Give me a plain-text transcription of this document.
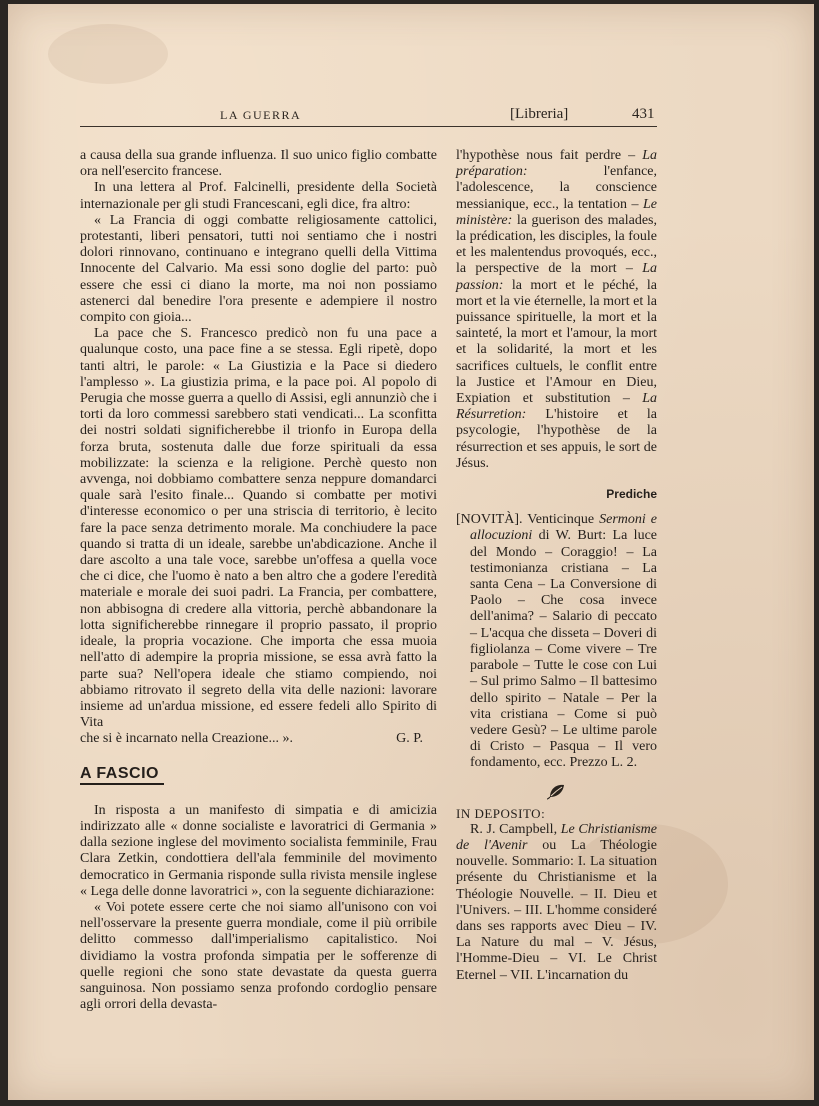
LA GUERRA	[Libreria]	431

a causa della sua grande influenza. Il suo unico figlio combatte ora nell'esercito francese.

In una lettera al Prof. Falcinelli, presidente della Società internazionale per gli studi Francescani, egli dice, fra altro:

« La Francia di oggi combatte religiosamente cattolici, protestanti, liberi pensatori, tutti noi sentiamo che i nostri dolori rinnovano, continuano e integrano quelli della Vittima Innocente del Calvario. Ma essi sono doglie del parto: può essere che essi ci diano la morte, ma noi non possiamo astenerci dal benedire l'ora presente e adempiere il nostro compito con gioia...

La pace che S. Francesco predicò non fu una pace a qualunque costo, una pace fine a se stessa. Egli ripetè, dopo tanti altri, le parole: « La Giustizia e la Pace si diedero l'amplesso ». La giustizia prima, e la pace poi. Al popolo di Perugia che mosse guerra a quello di Assisi, egli annunziò che i torti da loro commessi sarebbero stati vendicati... La sconfitta dei nostri soldati significherebbe il trionfo in Europa della forza bruta, sostenuta dalle due forze spirituali da essa mobilizzate: la scienza e la religione. Perchè questo non avvenga, noi dobbiamo combattere senza neppure domandarci quale sarà l'esito finale... Quando si combatte per motivi d'interesse economico o per una striscia di territorio, è lecito fare la pace senza detrimento morale. Ma conchiudere la pace quando si tratta di un ideale, sarebbe un'abdicazione. Anche il dare ascolto a una tale voce, sarebbe un'offesa a quella voce che ci dice, che l'uomo è nato a ben altro che a godere l'eredità materiale e morale dei suoi padri. La Francia, per combattere, non abbisogna di credere alla vittoria, perchè abbandonare la lotta significherebbe rinnegare il proprio passato, il proprio ideale, la propria vocazione. Che importa che essa muoia nell'atto di adempire la propria missione, se essa avrà fatto la parte sua? Nell'opera ideale che stiamo compiendo, noi abbiamo ritrovato il segreto della vita delle nazioni: lavorare insieme ad un'ardua missione, ed essere fedeli allo Spirito di Vita

che si è incarnato nella Creazione... ».	G. P.

A FASCIO

In risposta a un manifesto di simpatia e di amicizia indirizzato alle « donne socialiste e lavoratrici di Germania » dalla sezione inglese del movimento socialista femminile, Frau Clara Zetkin, condottiera dell'ala femminile del movimento democratico in Germania risponde sulla rivista mensile inglese « Lega delle donne lavoratrici », con la seguente dichiarazione:

« Voi potete essere certe che noi siamo all'unisono con voi nell'osservare la presente guerra mondiale, come il più orribile delitto commesso dall'imperialismo capitalistico. Noi dividiamo la vostra profonda simpatia per le sofferenze di quelle regioni che sono state devastate da questa guerra sanguinosa. Non possiamo senza profondo cordoglio pensare agli orrori della devasta-

l'hypothèse nous fait perdre – La préparation:	l'enfance, l'adolescence, la conscience messianique, ecc., la tentation – Le ministère: la guerison des malades, la prédication, les disciples, la foule et les malentendus provoqués, ecc., la perspective de la mort – La passion: la mort et le péché, la mort et la vie éternelle, la mort et la puissance spirituelle, la mort et la sainteté, la mort et l'amour, la mort et la solidarité, la mort et les sacrifices cultuels, le conflit entre la Justice et l'Amour en Dieu, Expiation et substitution – La Résurretion: L'histoire et la psycologie, l'hypothèse de la résurrection et ses appuis, le sort de Jésus.

Prediche

[NOVITÀ]. Venticinque Sermoni e allocuzioni di W. Burt: La luce del Mondo – Coraggio! – La testimonianza cristiana – La santa Cena – La Conversione di Paolo – Che cosa invece dell'anima? – Salario di peccato – L'acqua che disseta – Doveri di figliolanza – Come vivere – Tre parabole – Tutte le cose con Lui – Sul primo Salmo – Il battesimo dello spirito – Natale – Per la vita cristiana – Come si può vedere Gesù? – Le ultime parole di Cristo – Pasqua – Il vero fondamento, ecc. Prezzo L. 2.

IN DEPOSITO:

R. J. Campbell, Le Christianisme de l'Avenir ou La Théologie nouvelle. Sommario: I. La situation présente du Christianisme et la Théologie Nouvelle. – II. Dieu et l'Univers. – III. L'homme consideré dans ses rapports avec Dieu – IV. La Nature du mal – V. Jésus, l'Homme-Dieu – VI. Le Christ Eternel – VII. L'incarnation du
